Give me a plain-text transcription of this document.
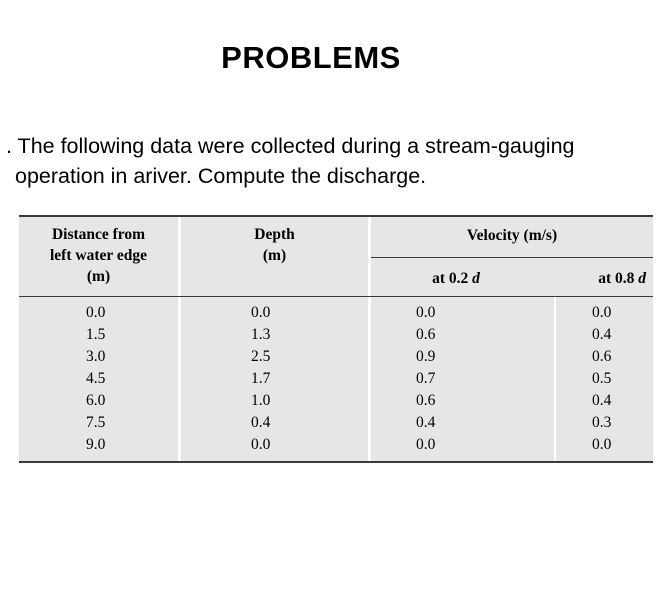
PROBLEMS
. The following data were collected during a stream-gauging
operation in ariver. Compute the discharge.
Distance from
left water edge
(m)
Depth
(m)
Velocity (m/s)
at 0.2 d	at 0.8 d
0.0
1.5
3.0
4.5
6.0
7.5
9.0
0.0
1.3
2.5
1.7
1.0
0.4
0.0
0.0
0.6
0.9
0.7
0.6
0.4
0.0
0.0
0.4
0.6
0.5
0.4
0.3
0.0
